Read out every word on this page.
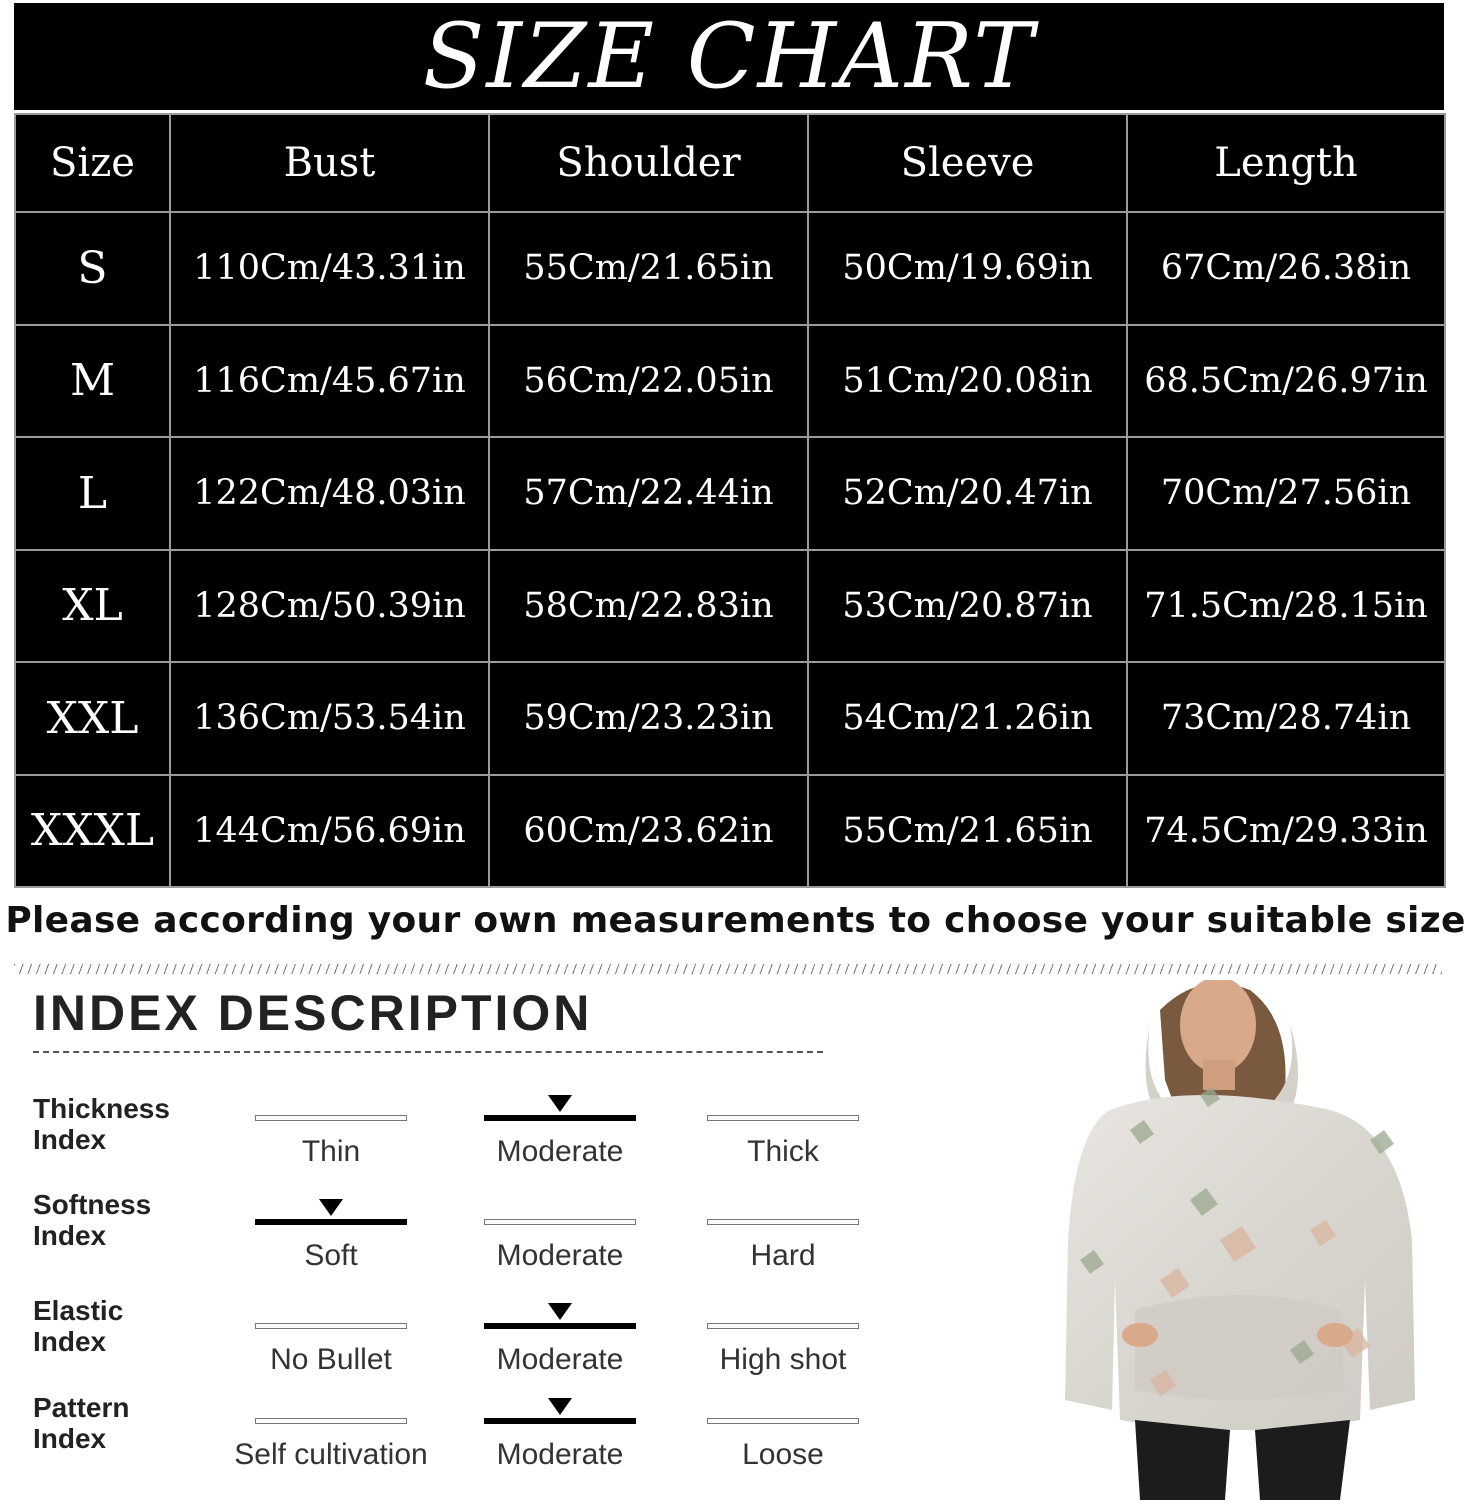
SIZE CHART
Size	Bust	Shoulder	Sleeve	Length
S	110Cm/43.31in	55Cm/21.65in	50Cm/19.69in	67Cm/26.38in
M	116Cm/45.67in	56Cm/22.05in	51Cm/20.08in	68.5Cm/26.97in
L	122Cm/48.03in	57Cm/22.44in	52Cm/20.47in	70Cm/27.56in
XL	128Cm/50.39in	58Cm/22.83in	53Cm/20.87in	71.5Cm/28.15in
XXL	136Cm/53.54in	59Cm/23.23in	54Cm/21.26in	73Cm/28.74in
XXXL	144Cm/56.69in	60Cm/23.62in	55Cm/21.65in	74.5Cm/29.33in
Please according your own measurements to choose your suitable size
INDEX DESCRIPTION
Thickness
Index	Thin	Moderate	Thick
Softness
Index
Soft	Moderate	Hard
Elastic
Index
No Bullet	Moderate	High shot
Pattern
Index	Self cultivation	Moderate	Loose
